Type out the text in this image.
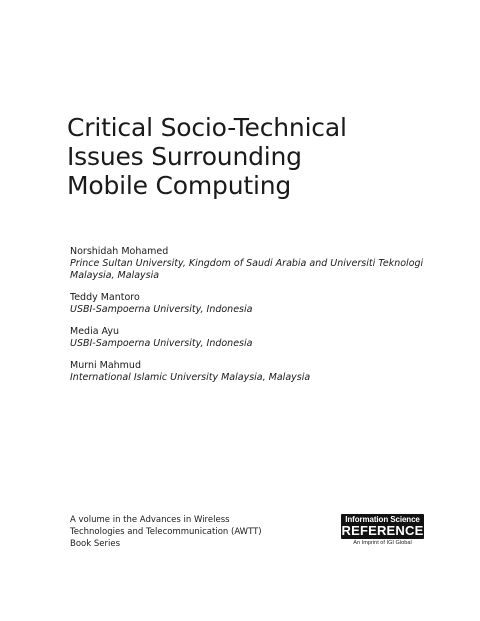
Critical Socio-Technical
Issues Surrounding
Mobile Computing
Norshidah Mohamed
Prince Sultan University, Kingdom of Saudi Arabia and Universiti Teknologi
Malaysia, Malaysia
Teddy Mantoro
USBI-Sampoerna University, Indonesia
Media Ayu
USBI-Sampoerna University, Indonesia
Murni Mahmud
International Islamic University Malaysia, Malaysia
A volume in the Advances in Wireless
Technologies and Telecommunication (AWTT)
Book Series
Information Science
REFERENCE
An Imprint of IGI Global
